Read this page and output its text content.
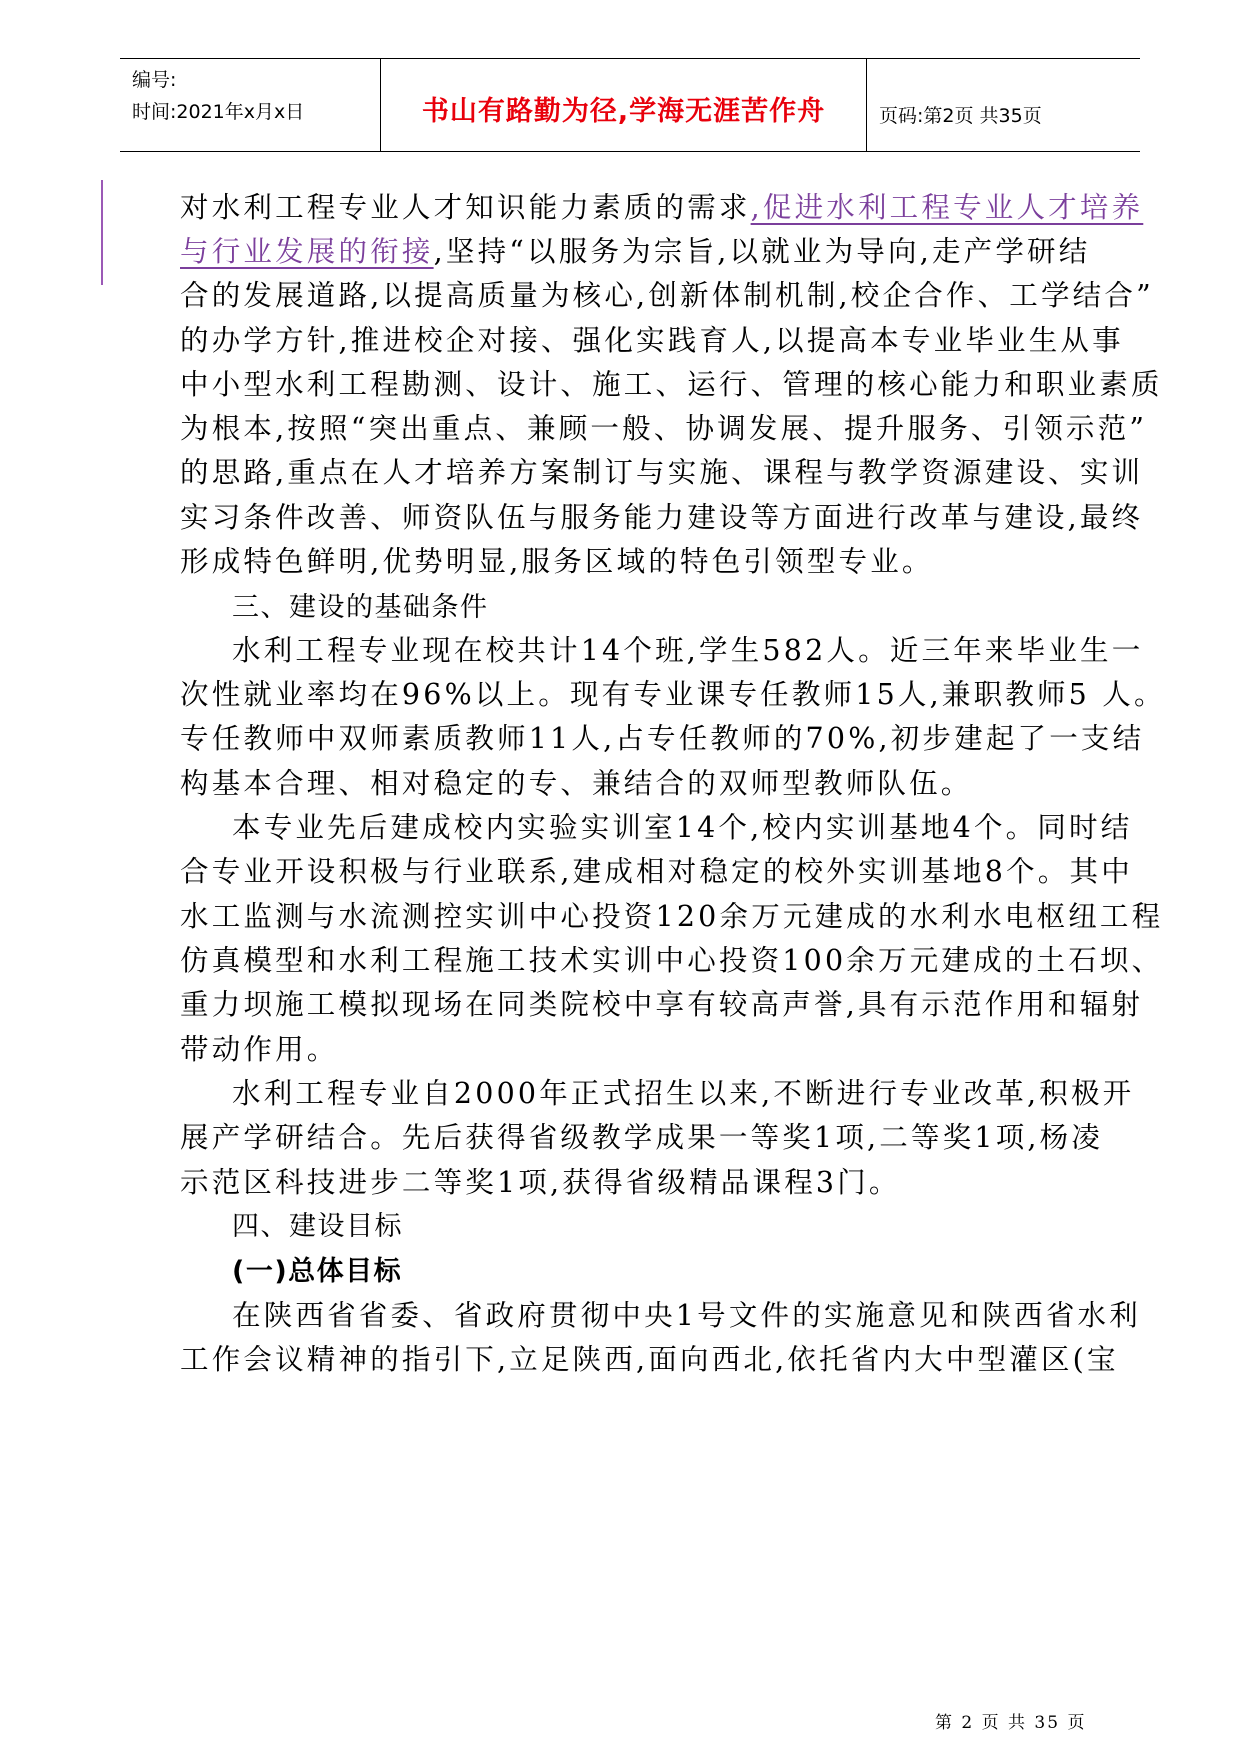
编号:
时间:2021年x月x日	书山有路勤为径,学海无涯苦作舟	页码:第2页 共35页
对水利工程专业人才知识能力素质的需求,促进水利工程专业人才培养
与行业发展的衔接,坚持“以服务为宗旨,以就业为导向,走产学研结
合的发展道路,以提高质量为核心,创新体制机制,校企合作、工学结合”
的办学方针,推进校企对接、强化实践育人,以提高本专业毕业生从事
中小型水利工程勘测、设计、施工、运行、管理的核心能力和职业素质
为根本,按照“突出重点、兼顾一般、协调发展、提升服务、引领示范”
的思路,重点在人才培养方案制订与实施、课程与教学资源建设、实训
实习条件改善、师资队伍与服务能力建设等方面进行改革与建设,最终
形成特色鲜明,优势明显,服务区域的特色引领型专业。
三、建设的基础条件
水利工程专业现在校共计14个班,学生582人。近三年来毕业生一
次性就业率均在96%以上。现有专业课专任教师15人,兼职教师5 人。
专任教师中双师素质教师11人,占专任教师的70%,初步建起了一支结
构基本合理、相对稳定的专、兼结合的双师型教师队伍。
本专业先后建成校内实验实训室14个,校内实训基地4个。同时结
合专业开设积极与行业联系,建成相对稳定的校外实训基地8个。其中
水工监测与水流测控实训中心投资120余万元建成的水利水电枢纽工程
仿真模型和水利工程施工技术实训中心投资100余万元建成的土石坝、
重力坝施工模拟现场在同类院校中享有较高声誉,具有示范作用和辐射
带动作用。
水利工程专业自2000年正式招生以来,不断进行专业改革,积极开
展产学研结合。先后获得省级教学成果一等奖1项,二等奖1项,杨凌
示范区科技进步二等奖1项,获得省级精品课程3门。
四、建设目标
(一)总体目标
在陕西省省委、省政府贯彻中央1号文件的实施意见和陕西省水利
工作会议精神的指引下,立足陕西,面向西北,依托省内大中型灌区(宝
第 2 页 共 35 页
